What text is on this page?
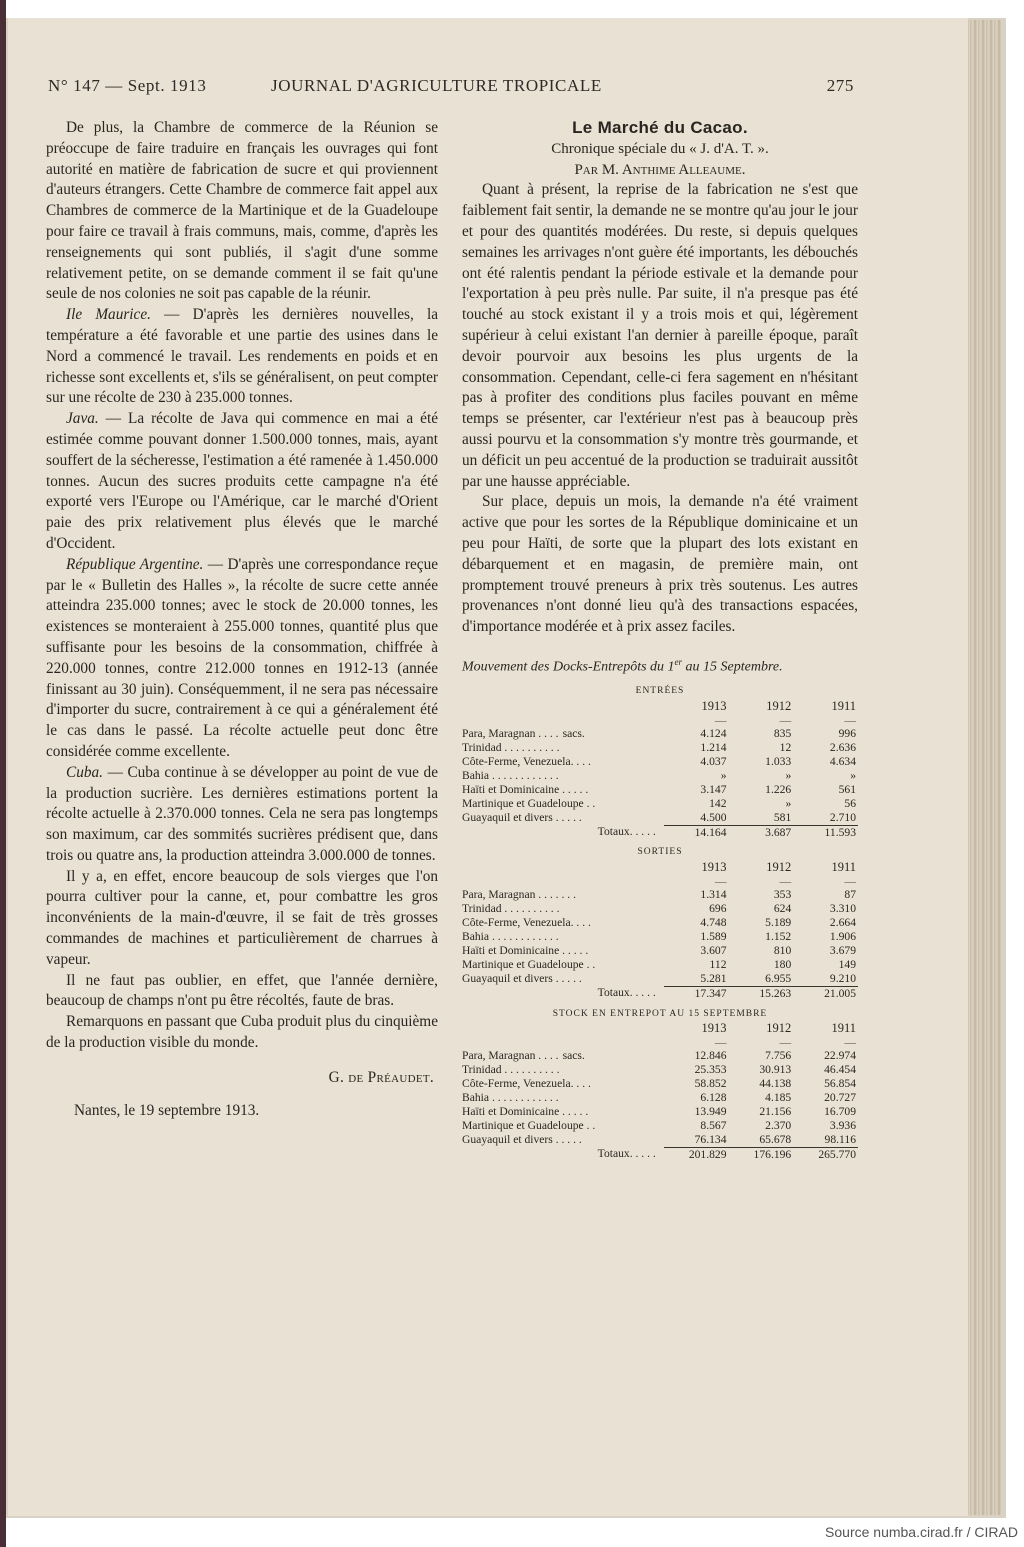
N° 147 — Sept. 1913	JOURNAL D'AGRICULTURE TROPICALE	275

De plus, la Chambre de commerce de la Réunion se préoccupe de faire traduire en français les ouvrages qui font autorité en matière de fabrication de sucre et qui proviennent d'auteurs étrangers. Cette Chambre de commerce fait appel aux Chambres de commerce de la Martinique et de la Guadeloupe pour faire ce travail à frais communs, mais, comme, d'après les renseignements qui sont publiés, il s'agit d'une somme relativement petite, on se demande comment il se fait qu'une seule de nos colonies ne soit pas capable de la réunir.

Ile Maurice. — D'après les dernières nouvelles, la température a été favorable et une partie des usines dans le Nord a commencé le travail. Les rendements en poids et en richesse sont excellents et, s'ils se généralisent, on peut compter sur une récolte de 230 à 235.000 tonnes.

Java. — La récolte de Java qui commence en mai a été estimée comme pouvant donner 1.500.000 tonnes, mais, ayant souffert de la sécheresse, l'estimation a été ramenée à 1.450.000 tonnes. Aucun des sucres produits cette campagne n'a été exporté vers l'Europe ou l'Amérique, car le marché d'Orient paie des prix relativement plus élevés que le marché d'Occident.

République Argentine. — D'après une correspondance reçue par le « Bulletin des Halles », la récolte de sucre cette année atteindra 235.000 tonnes; avec le stock de 20.000 tonnes, les existences se monteraient à 255.000 tonnes, quantité plus que suffisante pour les besoins de la consommation, chiffrée à 220.000 tonnes, contre 212.000 tonnes en 1912-13 (année finissant au 30 juin). Conséquemment, il ne sera pas nécessaire d'importer du sucre, contrairement à ce qui a généralement été le cas dans le passé. La récolte actuelle peut donc être considérée comme excellente.

Cuba. — Cuba continue à se développer au point de vue de la production sucrière. Les dernières estimations portent la récolte actuelle à 2.370.000 tonnes. Cela ne sera pas longtemps son maximum, car des sommités sucrières prédisent que, dans trois ou quatre ans, la production atteindra 3.000.000 de tonnes.

Il y a, en effet, encore beaucoup de sols vierges que l'on pourra cultiver pour la canne, et, pour combattre les gros inconvénients de la main-d'œuvre, il se fait de très grosses commandes de machines et particulièrement de charrues à vapeur.

Il ne faut pas oublier, en effet, que l'année dernière, beaucoup de champs n'ont pu être récoltés, faute de bras.

Remarquons en passant que Cuba produit plus du cinquième de la production visible du monde.

G. de Préaudet.

Nantes, le 19 septembre 1913.

Le Marché du Cacao.

Chronique spéciale du « J. d'A. T. ».

Par M. Anthime Alleaume.

Quant à présent, la reprise de la fabrication ne s'est que faiblement fait sentir, la demande ne se montre qu'au jour le jour et pour des quantités modérées. Du reste, si depuis quelques semaines les arrivages n'ont guère été importants, les débouchés ont été ralentis pendant la période estivale et la demande pour l'exportation à peu près nulle. Par suite, il n'a presque pas été touché au stock existant il y a trois mois et qui, légèrement supérieur à celui existant l'an dernier à pareille époque, paraît devoir pourvoir aux besoins les plus urgents de la consommation. Cependant, celle-ci fera sagement en n'hésitant pas à profiter des conditions plus faciles pouvant en même temps se présenter, car l'extérieur n'est pas à beaucoup près aussi pourvu et la consommation s'y montre très gourmande, et un déficit un peu accentué de la production se traduirait aussitôt par une hausse appréciable.

Sur place, depuis un mois, la demande n'a été vraiment active que pour les sortes de la République dominicaine et un peu pour Haïti, de sorte que la plupart des lots existant en débarquement et en magasin, de première main, ont promptement trouvé preneurs à prix très soutenus. Les autres provenances n'ont donné lieu qu'à des transactions espacées, d'importance modérée et à prix assez faciles.

Mouvement des Docks-Entrepôts du 1er au 15 Septembre.
ENTRÉES			
	1913	1912	1911
	—	—	—
Para, Maragnan . . . . sacs.	4.124	835	996
Trinidad . . . . . . . . . .	1.214	12	2.636
Côte-Ferme, Venezuela. . . .	4.037	1.033	4.634
Bahia . . . . . . . . . . . .	»	»	»
Haïti et Dominicaine . . . . .	3.147	1.226	561
Martinique et Guadeloupe . .	142	»	56
Guayaquil et divers . . . . .	4.500	581	2.710
Totaux. . . . .	14.164	3.687	11.593

SORTIES			
	1913	1912	1911
	—	—	—
Para, Maragnan . . . . . . .	1.314	353	87
Trinidad . . . . . . . . . .	696	624	3.310
Côte-Ferme, Venezuela. . . .	4.748	5.189	2.664
Bahia . . . . . . . . . . . .	1.589	1.152	1.906
Haïti et Dominicaine . . . . .	3.607	810	3.679
Martinique et Guadeloupe . .	112	180	149
Guayaquil et divers . . . . .	5.281	6.955	9.210
Totaux. . . . .	17.347	15.263	21.005

STOCK EN ENTREPOT AU 15 SEPTEMBRE			
	1913	1912	1911
	—	—	—
Para, Maragnan . . . . sacs.	12.846	7.756	22.974
Trinidad . . . . . . . . . .	25.353	30.913	46.454
Côte-Ferme, Venezuela. . . .	58.852	44.138	56.854
Bahia . . . . . . . . . . . .	6.128	4.185	20.727
Haïti et Dominicaine . . . . .	13.949	21.156	16.709
Martinique et Guadeloupe . .	8.567	2.370	3.936
Guayaquil et divers . . . . .	76.134	65.678	98.116
Totaux. . . . .	201.829	176.196	265.770
Source numba.cirad.fr / CIRAD
